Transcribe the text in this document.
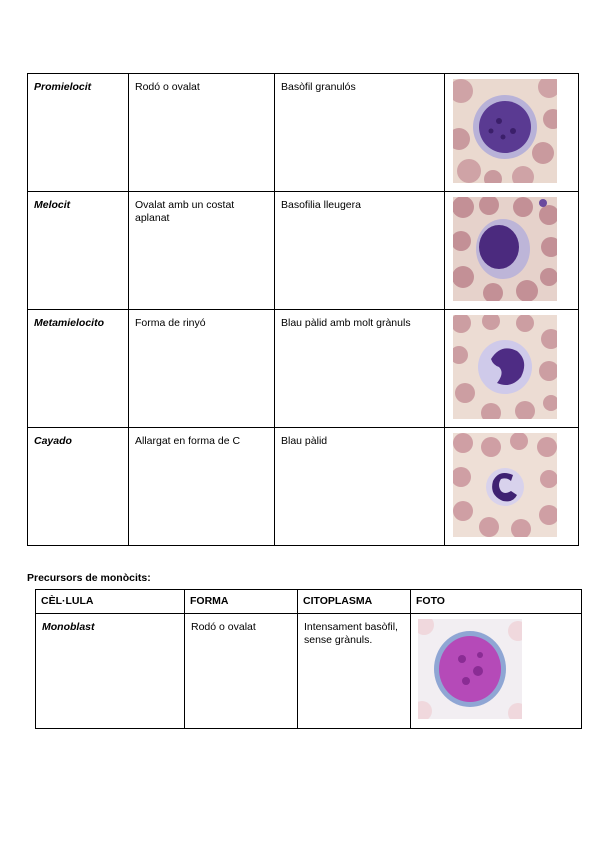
Promielocit	Rodó o ovalat	Basòfil granulós	

Melocit	Ovalat amb un costat aplanat	Basofilia lleugera	

Metamielocito	Forma de rinyó	Blau pàlid amb molt grànuls	

Cayado	Allargat en forma de C	Blau pàlid	
Precursors de monòcits:
CÈL·LULA	FORMA	CITOPLASMA	FOTO
Monoblast	Rodó o ovalat	Intensament basòfil, sense grànuls.	
